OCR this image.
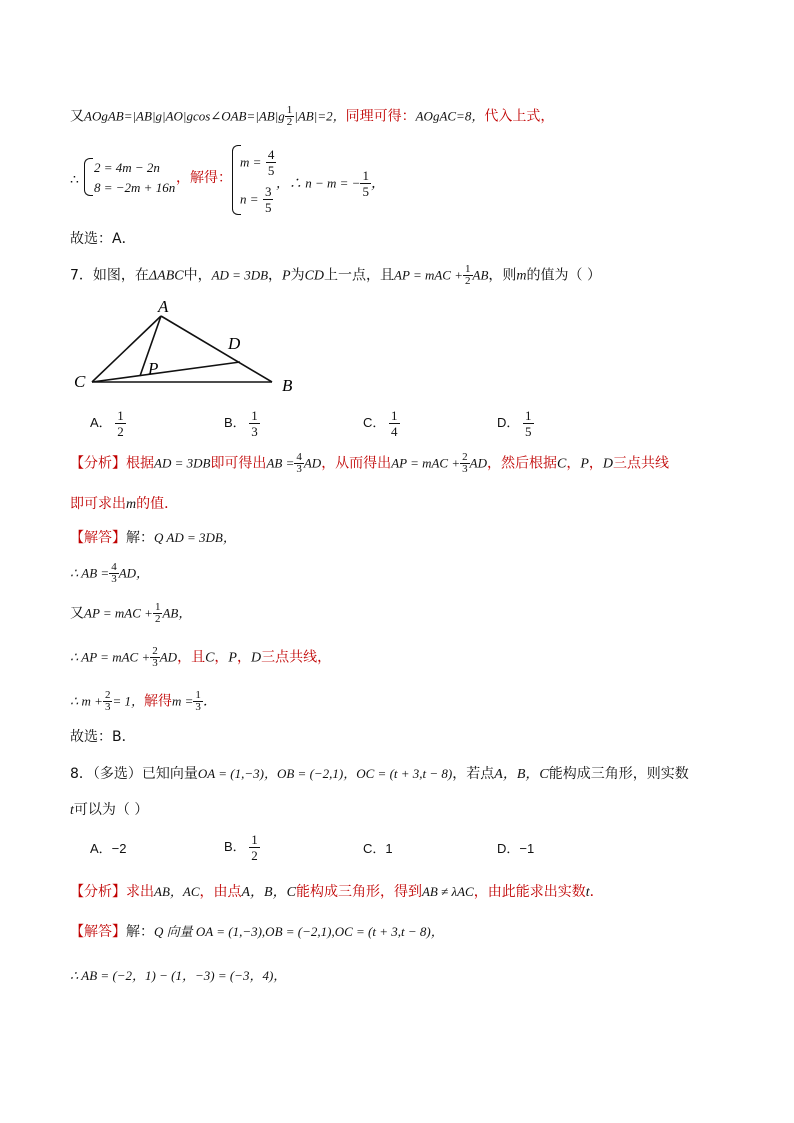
又AOgAB=|AB|g|AO|gcos∠OAB=|AB|g $\frac{1}{2} |AB|=2$，同理可得：AOgAC=8，代入上式，
∴
2 = 4m − 2n
8 = −2m + 16n
，解得：
$m = \frac{4}{5}$
$n = \frac{3}{5}$
，∴ n − m = − $\frac{1}{5}$ ，
故选：A．
7．如图，在ΔABC中，AD = 3DB，P为CD上一点，且AP = mAC + $\frac{1}{2}$ AB，则m的值为（ ）
A
B
C
D
P
A． $\frac{1}{2}$	B． $\frac{1}{3}$	C． $\frac{1}{4}$	D． $\frac{1}{5}$
【分析】根据AD = 3DB即可得出AB = $\frac{4}{3}$ AD，从而得出AP = mAC + $\frac{2}{3}$ AD，然后根据C，P，D三点共线
即可求出m的值．
【解答】解：Q AD = 3DB，
∴ AB = $\frac{4}{3}$ AD，
又AP = mAC + $\frac{1}{2}$ AB，
∴ AP = mAC + $\frac{2}{3}$ AD，且C，P，D三点共线，
∴ $m + \frac{2}{3} = 1$，解得$m = \frac{1}{3}$ ．
故选：B．
8．（多选）已知向量OA = (1,−3)，OB = (−2,1)，OC = (t + 3,t − 8)，若点A，B，C能构成三角形，则实数
t可以为（ ）
A．−2	B． $\frac{1}{2}$	C．1	D．−1
【分析】求出AB，AC，由点A，B，C能构成三角形，得到AB ≠ λAC，由此能求出实数t．
【解答】解：Q 向量 OA = (1,−3),OB = (−2,1),OC = (t + 3,t − 8)，
∴ AB = (−2，1) − (1，−3) = (−3，4)，
